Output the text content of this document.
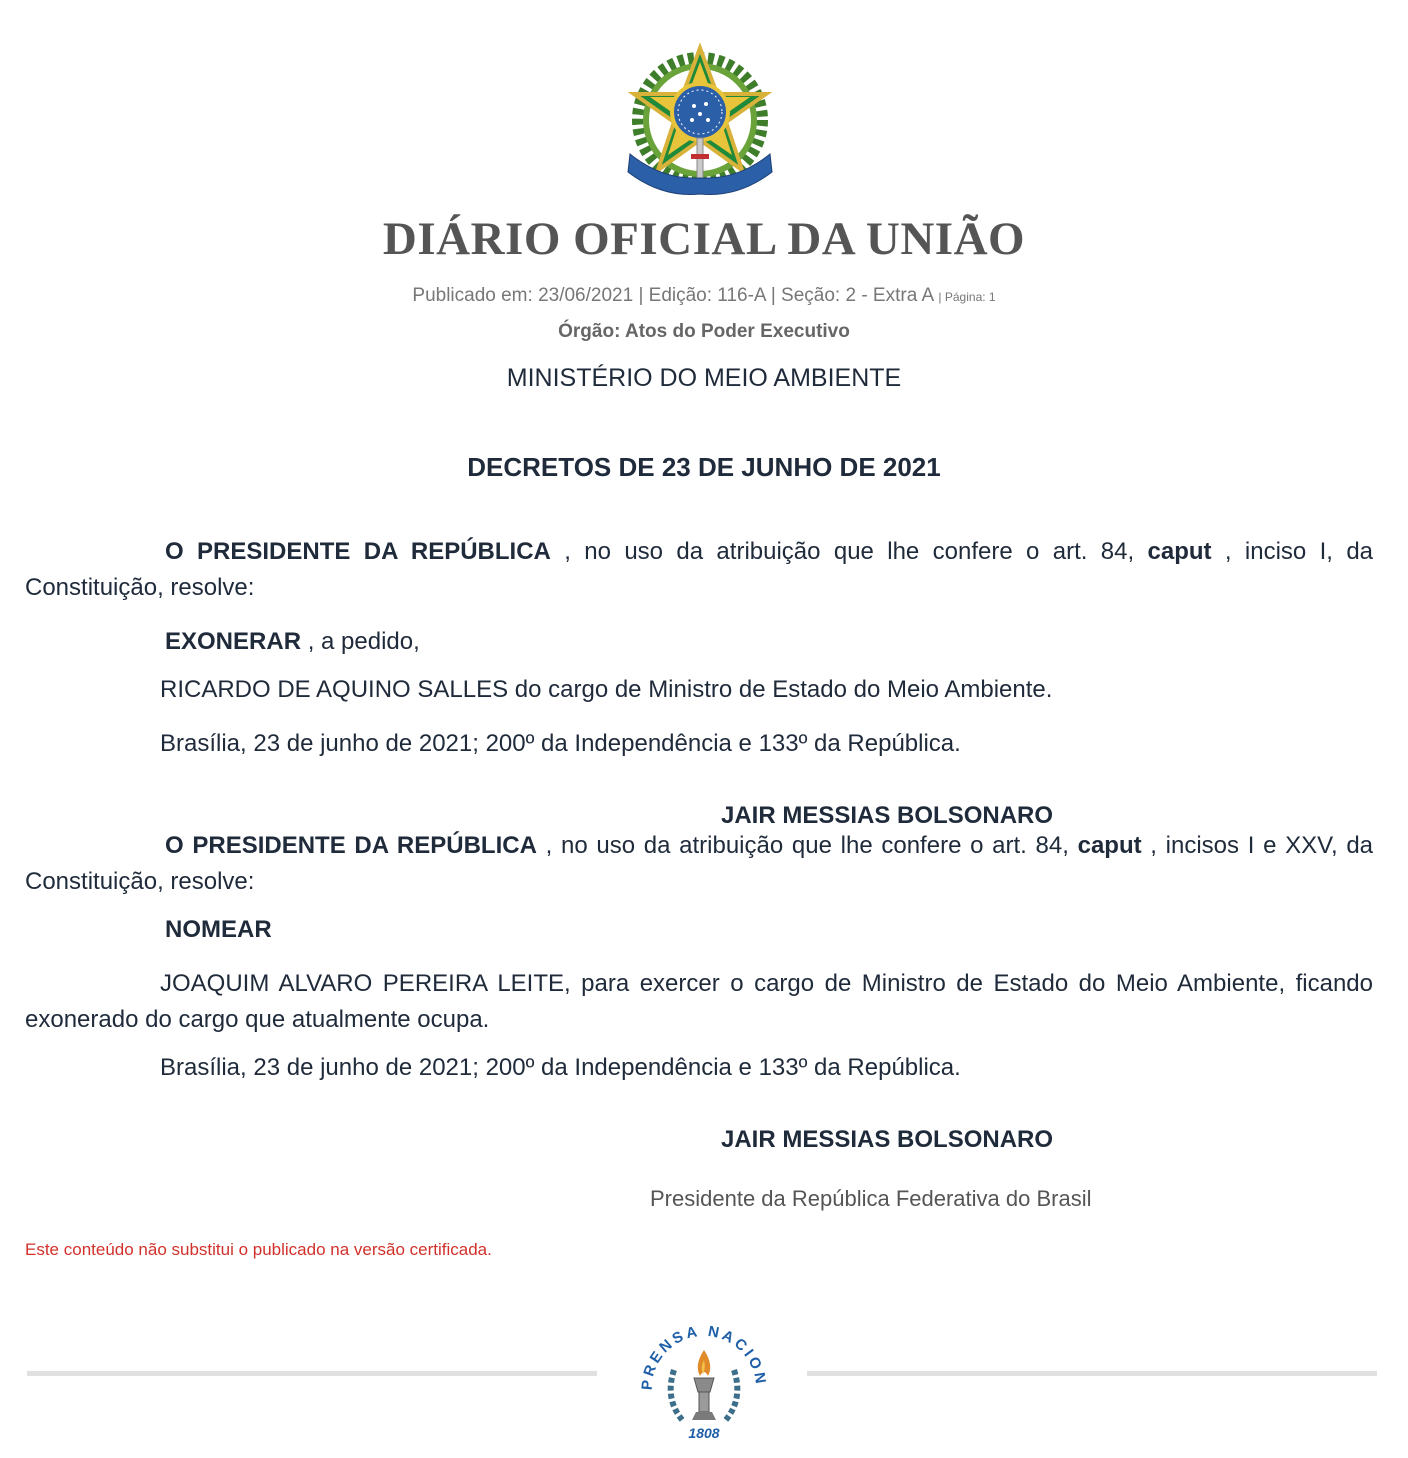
DIÁRIO OFICIAL DA UNIÃO
Publicado em: 23/06/2021 | Edição: 116-A | Seção: 2 - Extra A | Página: 1
Órgão: Atos do Poder Executivo
MINISTÉRIO DO MEIO AMBIENTE
DECRETOS DE 23 DE JUNHO DE 2021
O PRESIDENTE DA REPÚBLICA , no uso da atribuição que lhe confere o art. 84, caput , inciso I, da Constituição, resolve:
EXONERAR , a pedido,
RICARDO DE AQUINO SALLES do cargo de Ministro de Estado do Meio Ambiente.
Brasília, 23 de junho de 2021; 200º da Independência e 133º da República.
JAIR MESSIAS BOLSONARO
O PRESIDENTE DA REPÚBLICA , no uso da atribuição que lhe confere o art. 84, caput , incisos I e XXV, da Constituição, resolve:
NOMEAR
JOAQUIM ALVARO PEREIRA LEITE, para exercer o cargo de Ministro de Estado do Meio Ambiente, ficando exonerado do cargo que atualmente ocupa.
Brasília, 23 de junho de 2021; 200º da Independência e 133º da República.
JAIR MESSIAS BOLSONARO
Presidente da República Federativa do Brasil
Este conteúdo não substitui o publicado na versão certificada.
PRENSA NACION
1808
